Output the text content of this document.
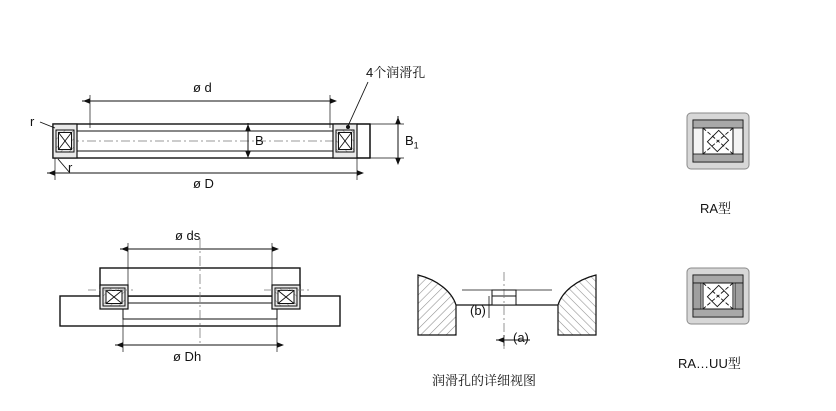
ø d
ø D
B	$B_1$
r
r
4个润滑孔
ø ds
ø Dh
(b)
(a)
润滑孔的详细视图
RA型
RA…UU型
